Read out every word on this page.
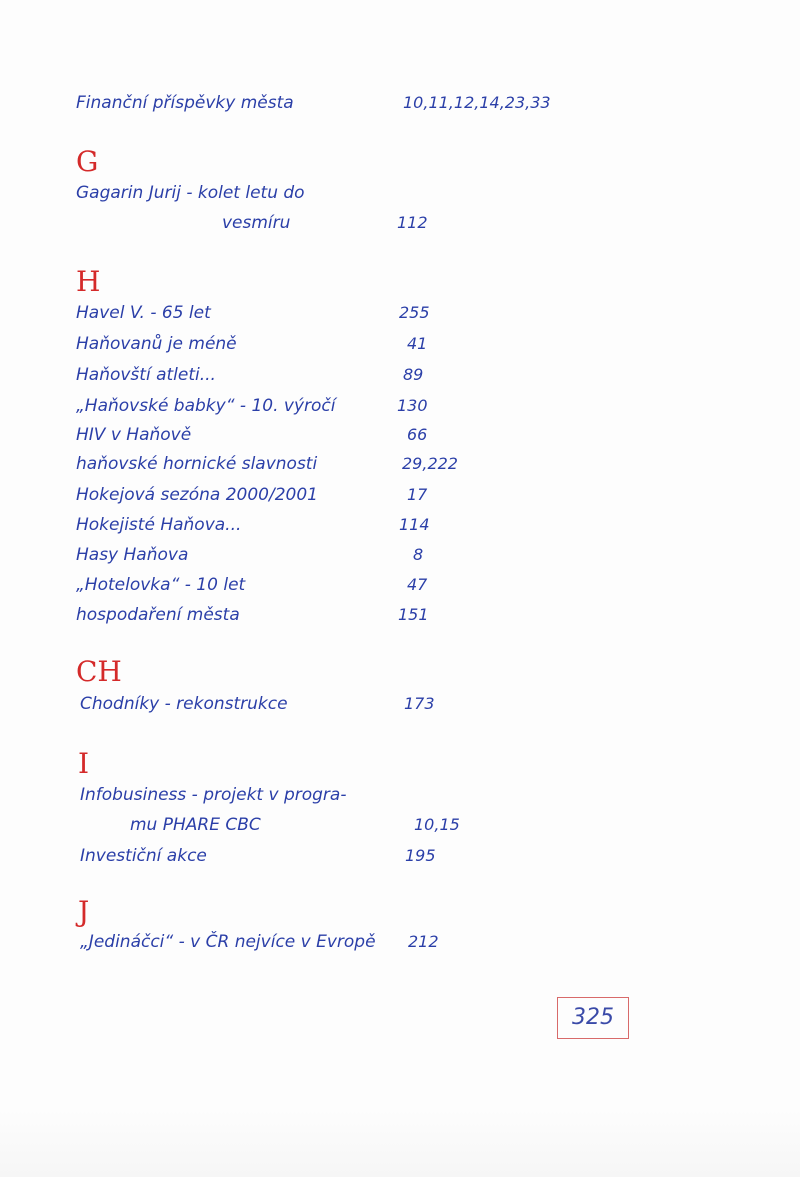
Finanční příspěvky města	10,11,12,14,23,33
G
Gagarin Jurij - kolet letu do
vesmíru	112
H
Havel V. - 65 let	255
Haňovanů je méně	41
Haňovští atleti...	89
„Haňovské babky“ - 10. výročí	130
HIV v Haňově	66
haňovské hornické slavnosti	29,222
Hokejová sezóna 2000/2001	17
Hokejisté Haňova...	114
Hasy Haňova	8
„Hotelovka“ - 10 let	47
hospodaření města	151
CH
Chodníky - rekonstrukce	173
I
Infobusiness - projekt v progra-
mu PHARE CBC	10,15
Investiční akce	195
J
„Jedináčci“ - v ČR nejvíce v Evropě 212
325
